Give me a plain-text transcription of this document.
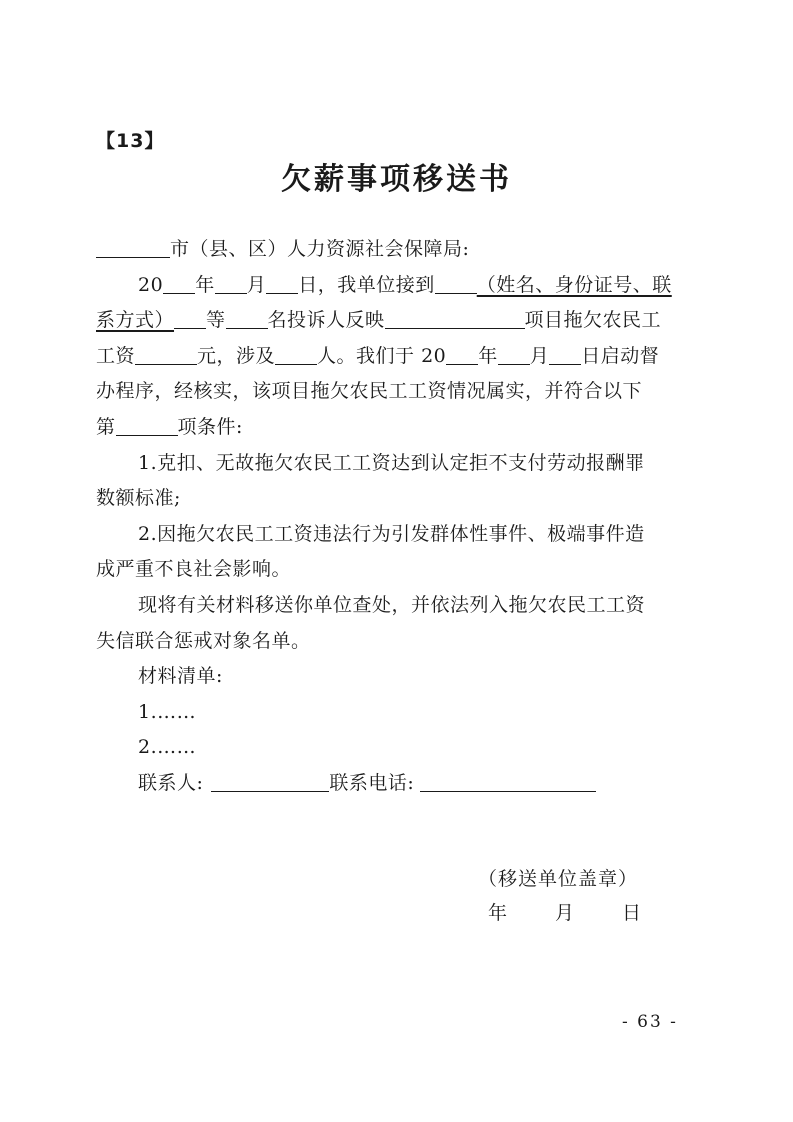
【13】
欠薪事项移送书
市（县、区）人力资源社会保障局:
20 年 月 日，我单位接到 （姓名、身份证号、联
系方式） 等 名投诉人反映	项目拖欠农民工
工资	元，涉及 人。我们于 20 年 月 日启动督
办程序，经核实，该项目拖欠农民工工资情况属实，并符合以下
第	项条件:
1.克扣、无故拖欠农民工工资达到认定拒不支付劳动报酬罪
数额标准;
2.因拖欠农民工工资违法行为引发群体性事件、极端事件造
成严重不良社会影响。
现将有关材料移送你单位查处，并依法列入拖欠农民工工资
失信联合惩戒对象名单。
材料清单:
1.……
2.……
联系人:	联系电话:
（移送单位盖章）
年	月	日
- 63 -
